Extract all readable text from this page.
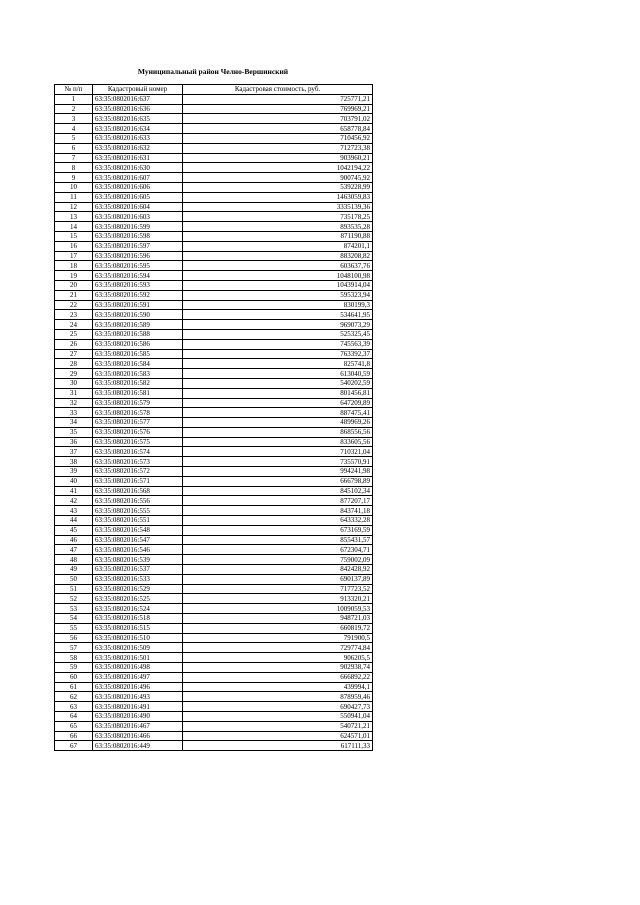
Муниципальный район Челно-Вершинский
№ п/п	Кадастровый номер	Кадастровая стоимость, руб.
1	63:35:0802016:637	725771,21
2	63:35:0802016:636	769969,21
3	63:35:0802016:635	703791,02
4	63:35:0802016:634	658778,84
5	63:35:0802016:633	710456,92
6	63:35:0802016:632	712723,38
7	63:35:0802016:631	903960,21
8	63:35:0802016:630	1042194,22
9	63:35:0802016:607	900745,92
10	63:35:0802016:606	539228,99
11	63:35:0802016:605	1463059,83
12	63:35:0802016:604	3335139,36
13	63:35:0802016:603	735178,25
14	63:35:0802016:599	893535,28
15	63:35:0802016:598	871190,88
16	63:35:0802016:597	874201,1
17	63:35:0802016:596	883208,82
18	63:35:0802016:595	603637,76
19	63:35:0802016:594	1048100,98
20	63:35:0802016:593	1043914,04
21	63:35:0802016:592	595323,94
22	63:35:0802016:591	830199,3
23	63:35:0802016:590	534641,95
24	63:35:0802016:589	969073,29
25	63:35:0802016:588	525325,45
26	63:35:0802016:586	745563,39
27	63:35:0802016:585	763392,37
28	63:35:0802016:584	825741,8
29	63:35:0802016:583	613040,59
30	63:35:0802016:582	540202,59
31	63:35:0802016:581	801456,81
32	63:35:0802016:579	647209,89
33	63:35:0802016:578	887475,41
34	63:35:0802016:577	489969,26
35	63:35:0802016:576	868556,56
36	63:35:0802016:575	833605,56
37	63:35:0802016:574	710321,04
38	63:35:0802016:573	735570,91
39	63:35:0802016:572	994241,98
40	63:35:0802016:571	666798,89
41	63:35:0802016:568	845102,34
42	63:35:0802016:556	877207,17
43	63:35:0802016:555	843741,18
44	63:35:0802016:551	643332,28
45	63:35:0802016:548	673169,59
46	63:35:0802016:547	855431,57
47	63:35:0802016:546	672304,71
48	63:35:0802016:539	759002,09
49	63:35:0802016:537	842428,92
50	63:35:0802016:533	690137,89
51	63:35:0802016:529	717723,52
52	63:35:0802016:525	913320,21
53	63:35:0802016:524	1009059,53
54	63:35:0802016:518	948721,03
55	63:35:0802016:515	660819,72
56	63:35:0802016:510	791900,5
57	63:35:0802016:509	729774,84
58	63:35:0802016:501	906205,5
59	63:35:0802016:498	902938,74
60	63:35:0802016:497	666892,22
61	63:35:0802016:496	439994,1
62	63:35:0802016:493	878959,46
63	63:35:0802016:491	690427,73
64	63:35:0802016:490	550941,04
65	63:35:0802016:467	540721,21
66	63:35:0802016:466	624571,01
67	63:35:0802016:449	617111,33
